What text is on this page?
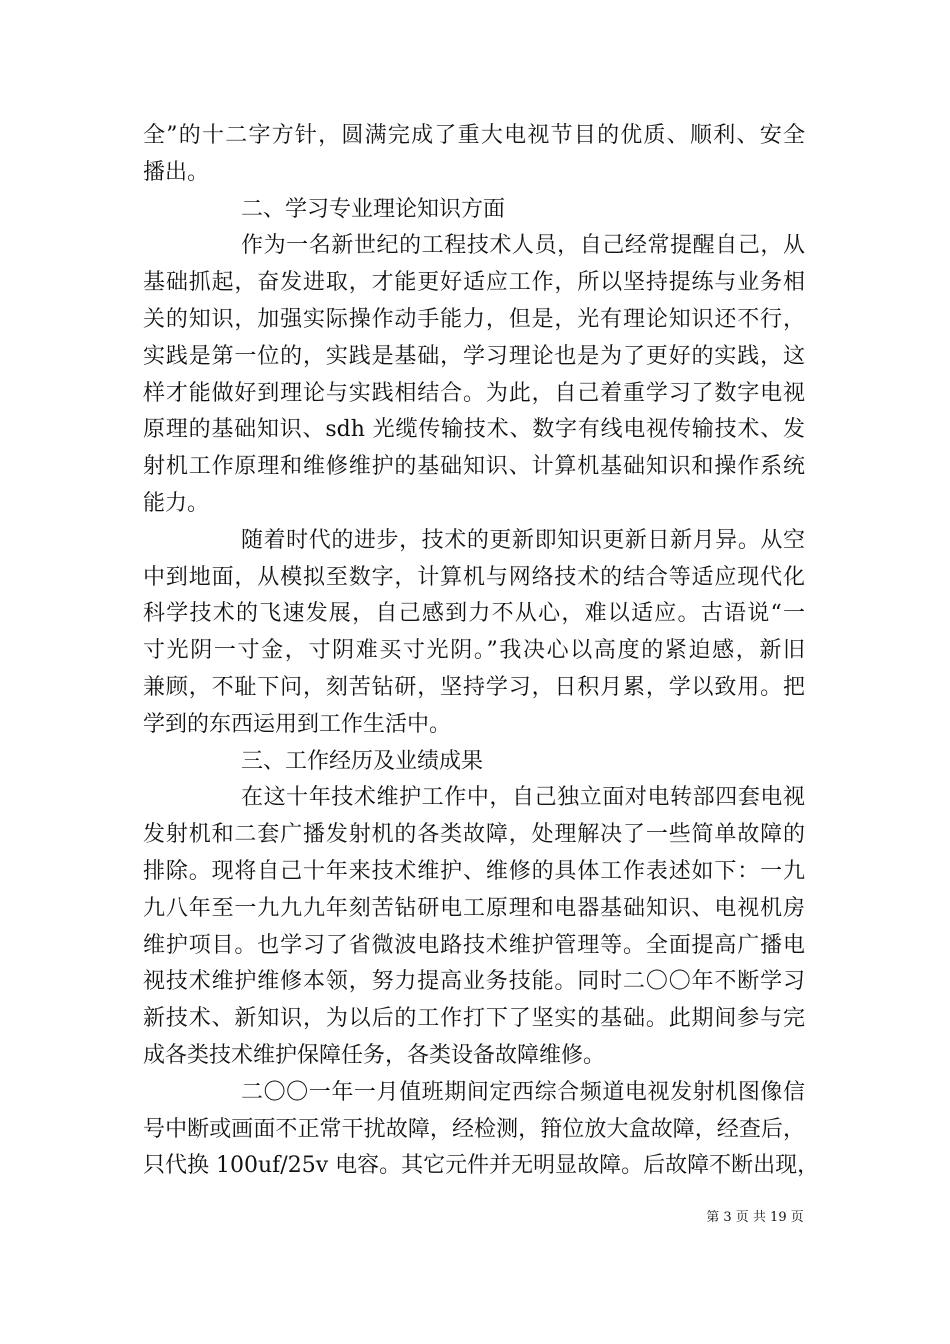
全”的十二字方针，圆满完成了重大电视节目的优质、顺利、安全
播出。
二、学习专业理论知识方面
作为一名新世纪的工程技术人员，自己经常提醒自己，从
基础抓起，奋发进取，才能更好适应工作，所以坚持提练与业务相
关的知识，加强实际操作动手能力，但是，光有理论知识还不行，
实践是第一位的，实践是基础，学习理论也是为了更好的实践，这
样才能做好到理论与实践相结合。为此，自己着重学习了数字电视
原理的基础知识、sdh 光缆传输技术、数字有线电视传输技术、发
射机工作原理和维修维护的基础知识、计算机基础知识和操作系统
能力。
随着时代的进步，技术的更新即知识更新日新月异。从空
中到地面，从模拟至数字，计算机与网络技术的结合等适应现代化
科学技术的飞速发展，自己感到力不从心，难以适应。古语说“一
寸光阴一寸金，寸阴难买寸光阴。”我决心以高度的紧迫感，新旧
兼顾，不耻下问，刻苦钻研，坚持学习，日积月累，学以致用。把
学到的东西运用到工作生活中。
三、工作经历及业绩成果
在这十年技术维护工作中，自己独立面对电转部四套电视
发射机和二套广播发射机的各类故障，处理解决了一些简单故障的
排除。现将自己十年来技术维护、维修的具体工作表述如下：一九
九八年至一九九九年刻苦钻研电工原理和电器基础知识、电视机房
维护项目。也学习了省微波电路技术维护管理等。全面提高广播电
视技术维护维修本领，努力提高业务技能。同时二〇〇年不断学习
新技术、新知识，为以后的工作打下了坚实的基础。此期间参与完
成各类技术维护保障任务，各类设备故障维修。
二〇〇一年一月值班期间定西综合频道电视发射机图像信
号中断或画面不正常干扰故障，经检测，箝位放大盒故障，经查后，
只代换 100uf/25v 电容。其它元件并无明显故障。后故障不断出现，
第 3 页 共 19 页
